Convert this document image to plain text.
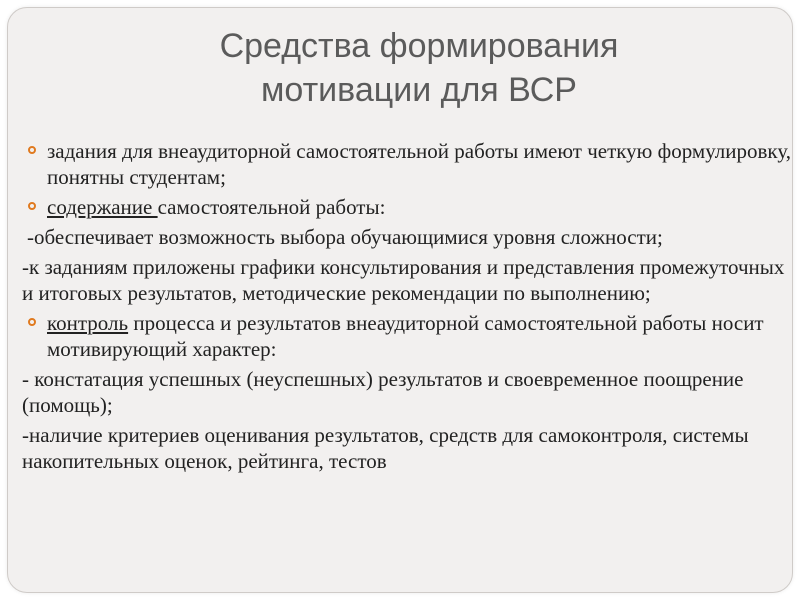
Средства формирования
мотивации для ВСР

задания для внеаудиторной самостоятельной работы имеют четкую формулировку, понятны студентам;

содержание самостоятельной работы:

-обеспечивает возможность выбора обучающимися уровня сложности;

-к заданиям приложены графики консультирования и представления промежуточных и итоговых результатов, методические рекомендации по выполнению;

контроль процесса и результатов внеаудиторной самостоятельной работы носит мотивирующий характер:

- констатация успешных (неуспешных) результатов и своевременное поощрение (помощь);

-наличие критериев оценивания результатов, средств для самоконтроля, системы накопительных оценок, рейтинга, тестов
